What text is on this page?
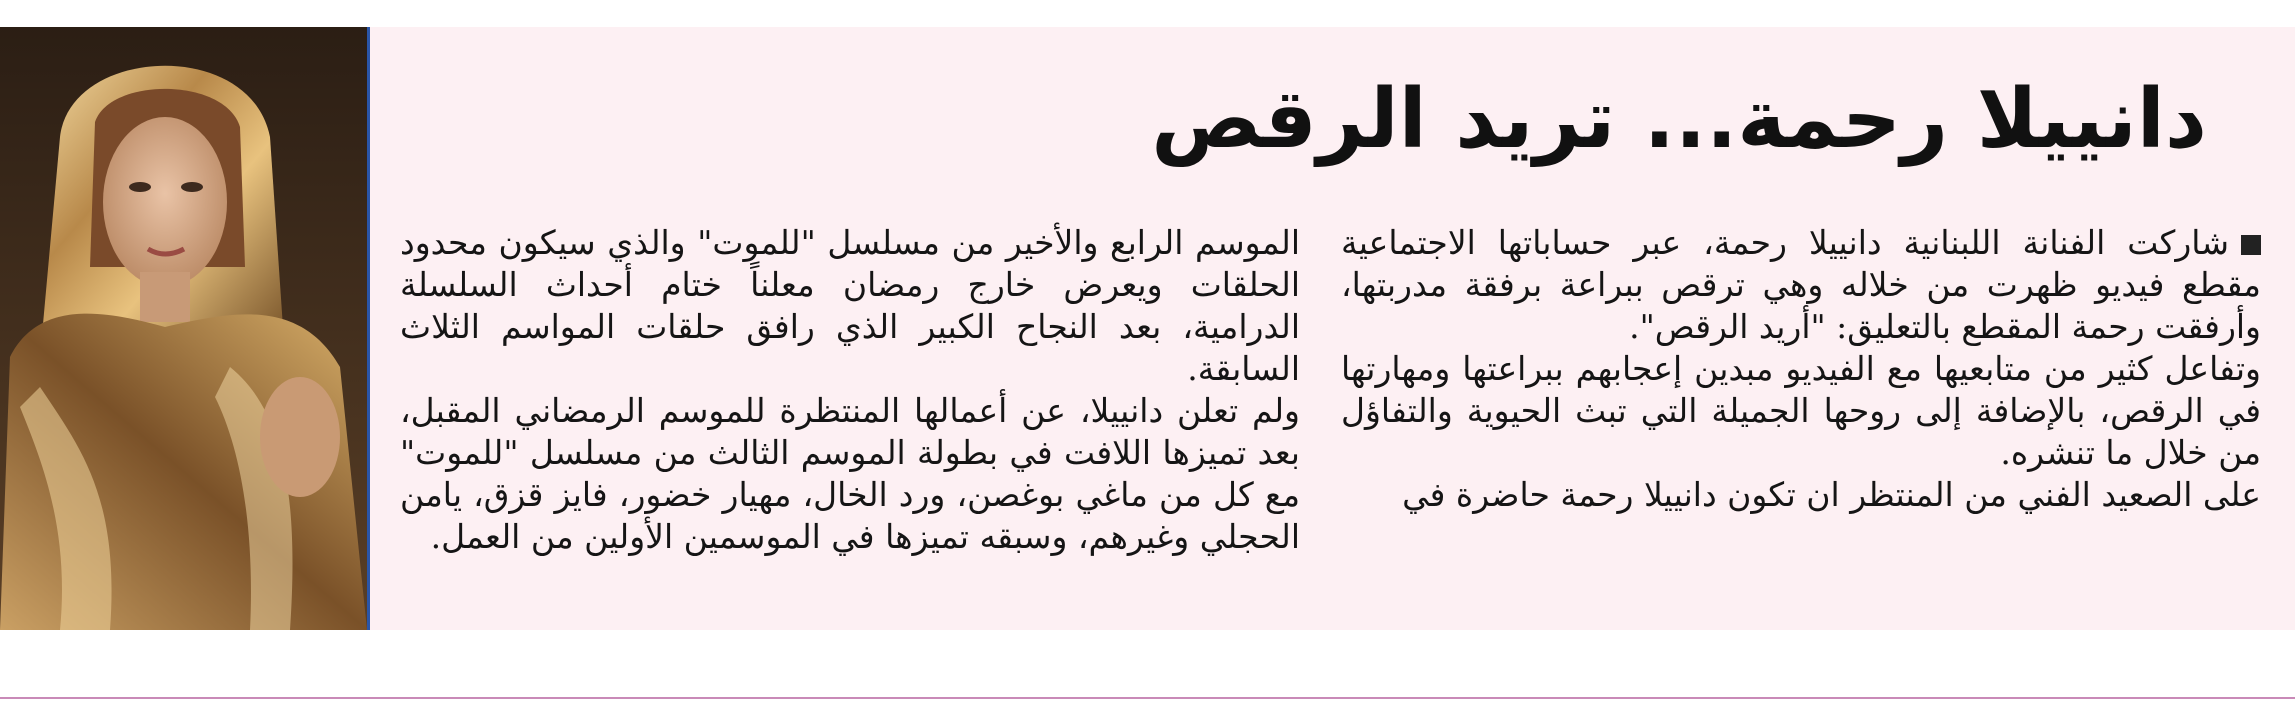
دانييلا رحمة... تريد الرقص

شاركت الفنانة اللبنانية دانييلا رحمة، عبر حساباتها الاجتماعية مقطع فيديو ظهرت من خلاله وهي ترقص ببراعة برفقة مدربتها، وأرفقت رحمة المقطع بالتعليق: "أريد الرقص".

وتفاعل كثير من متابعيها مع الفيديو مبدين إعجابهم ببراعتها ومهارتها في الرقص، بالإضافة إلى روحها الجميلة التي تبث الحيوية والتفاؤل من خلال ما تنشره.

على الصعيد الفني من المنتظر ان تكون دانييلا رحمة حاضرة في

الموسم الرابع والأخير من مسلسل "للموت" والذي سيكون محدود الحلقات ويعرض خارج رمضان معلناً ختام أحداث السلسلة الدرامية، بعد النجاح الكبير الذي رافق حلقات المواسم الثلاث السابقة.

ولم تعلن دانييلا، عن أعمالها المنتظرة للموسم الرمضاني المقبل، بعد تميزها اللافت في بطولة الموسم الثالث من مسلسل "للموت" مع كل من ماغي بوغصن، ورد الخال، مهيار خضور، فايز قزق، يامن الحجلي وغيرهم، وسبقه تميزها في الموسمين الأولين من العمل.
